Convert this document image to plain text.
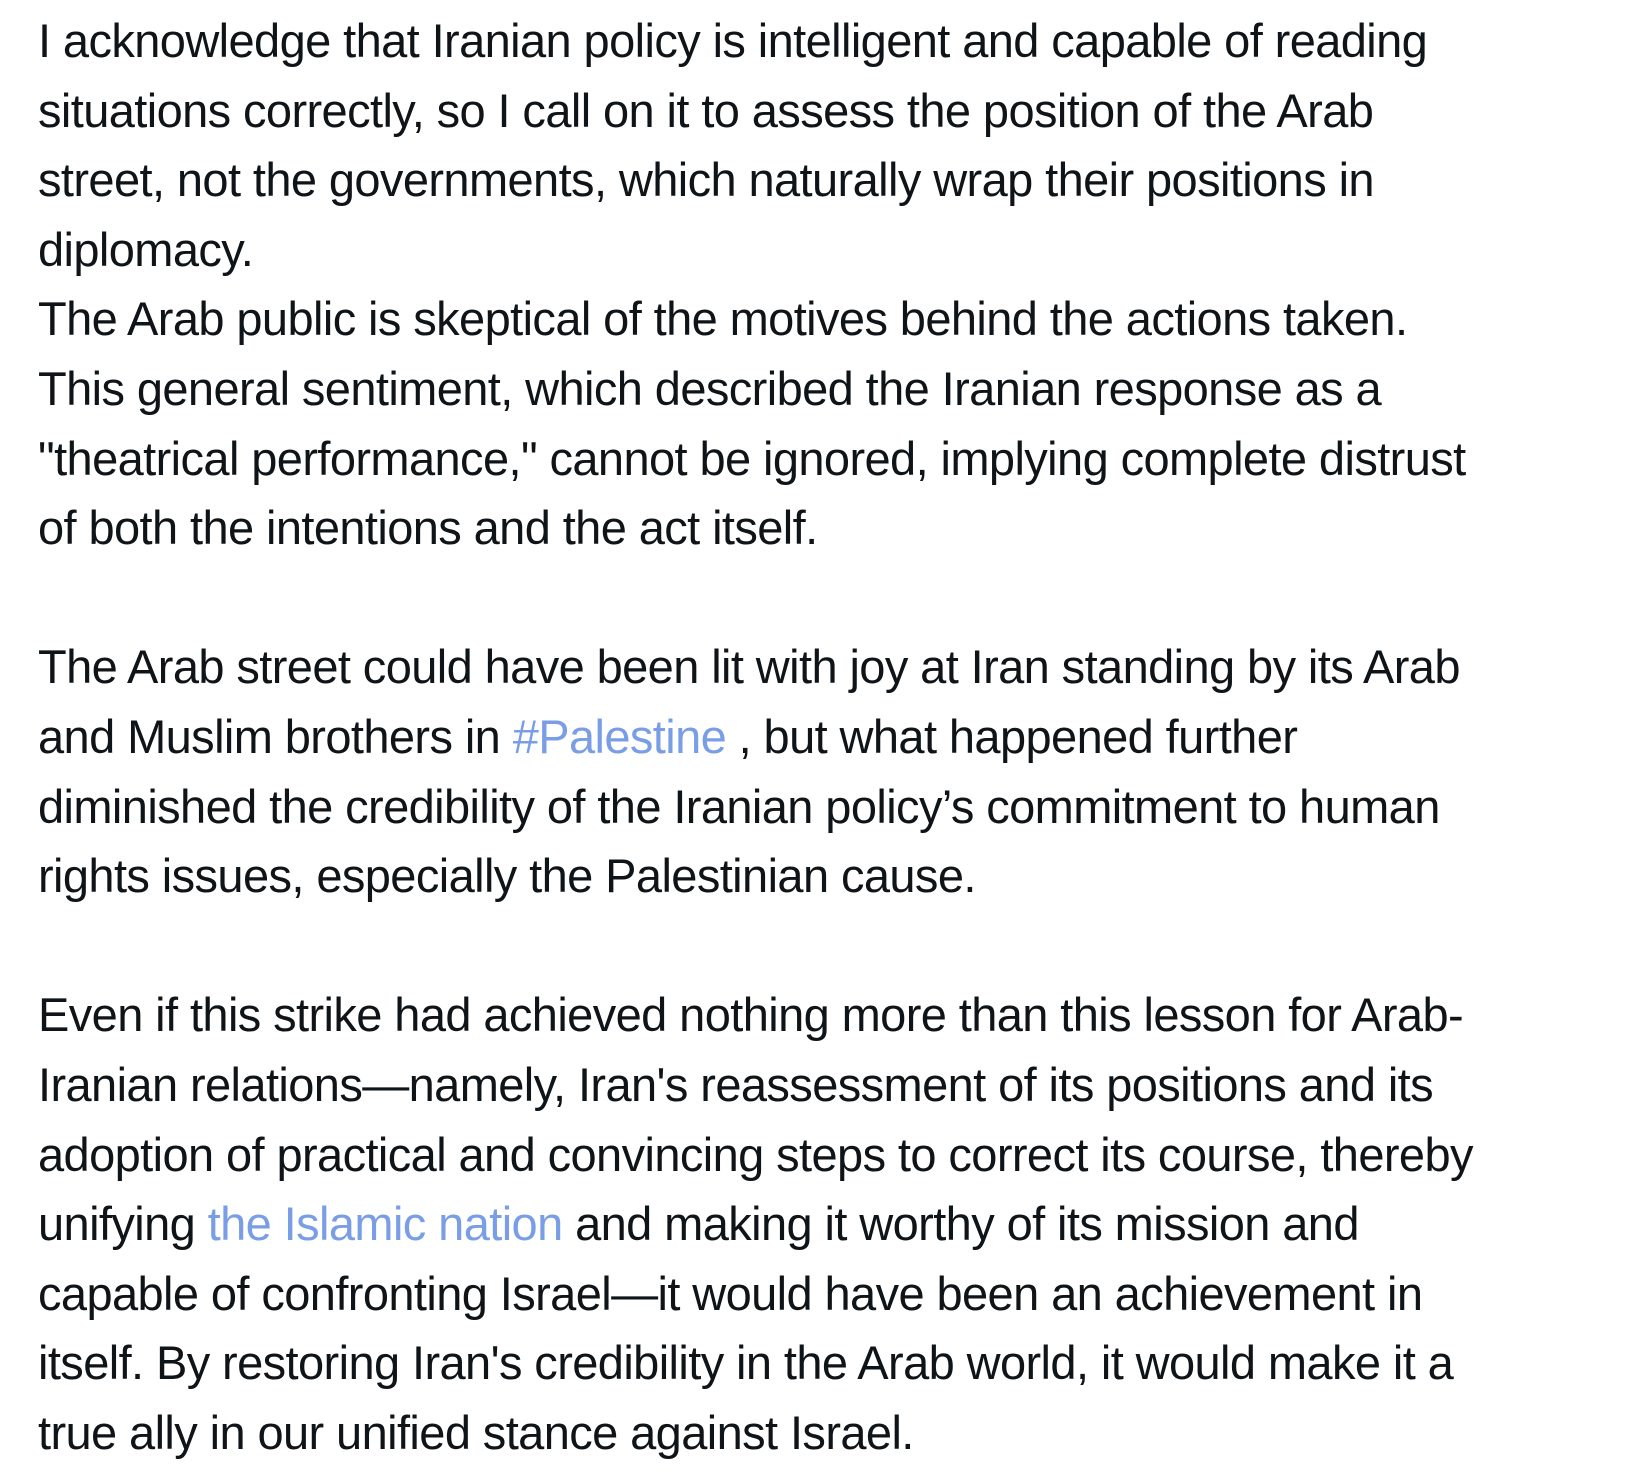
I acknowledge that Iranian policy is intelligent and capable of reading
situations correctly, so I call on it to assess the position of the Arab
street, not the governments, which naturally wrap their positions in
diplomacy.
The Arab public is skeptical of the motives behind the actions taken.
This general sentiment, which described the Iranian response as a
"theatrical performance," cannot be ignored, implying complete distrust
of both the intentions and the act itself.
The Arab street could have been lit with joy at Iran standing by its Arab
and Muslim brothers in #Palestine , but what happened further
diminished the credibility of the Iranian policy’s commitment to human
rights issues, especially the Palestinian cause.
Even if this strike had achieved nothing more than this lesson for Arab-
Iranian relations—namely, Iran's reassessment of its positions and its
adoption of practical and convincing steps to correct its course, thereby
unifying the Islamic nation and making it worthy of its mission and
capable of confronting Israel—it would have been an achievement in
itself. By restoring Iran's credibility in the Arab world, it would make it a
true ally in our unified stance against Israel.
